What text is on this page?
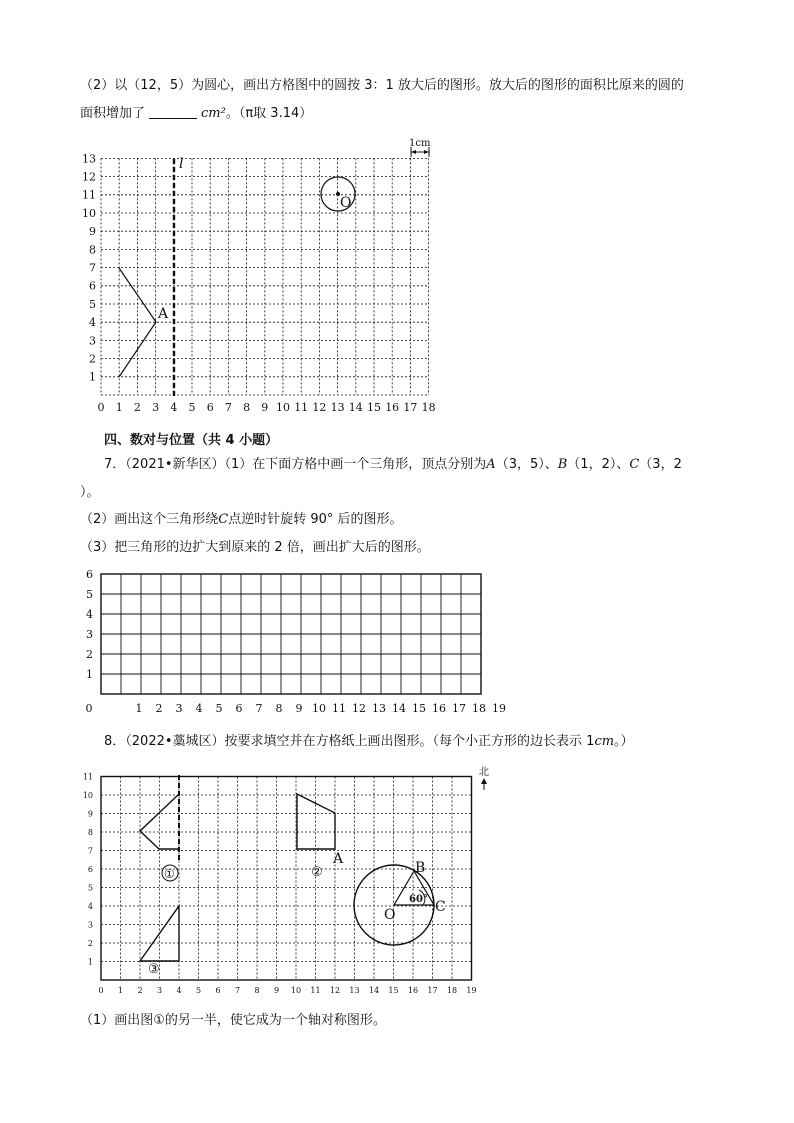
（2）以（12，5）为圆心，画出方格图中的圆按 3：1 放大后的图形。放大后的图形的面积比原来的圆的
面积增加了	cm²。（π取 3.14）
0 1 2 3 4 5 6 7 8 9 10 11 12 13 14 15 16 17 18
1
2
3
4
5
6
7
8
9
10
11
12
13	l
A
O
1cm
四、数对与位置（共 4 小题）
7．（2021•新华区）（1）在下面方格中画一个三角形，顶点分别为A（3，5）、B（1，2）、C（3，2
）。
（2）画出这个三角形绕C点逆时针旋转 90° 后的图形。
（3）把三角形的边扩大到原来的 2 倍，画出扩大后的图形。
0	1 2 3 4 5 6 7 8 9 10 11 12 13 14 15 16 17 18 19
1
2
3
4
5
6
8．（2022•藁城区）按要求填空并在方格纸上画出图形。（每个小正方形的边长表示 1cm。）
0 1 2 3 4 5 6 7 8 9 10 11 12 13 14 15 16 17 18 19
1
2
3
4
5
6
7
8
9
10
11
①	②
A
③
60°
B
C
O
北
（1）画出图①的另一半，使它成为一个轴对称图形。
